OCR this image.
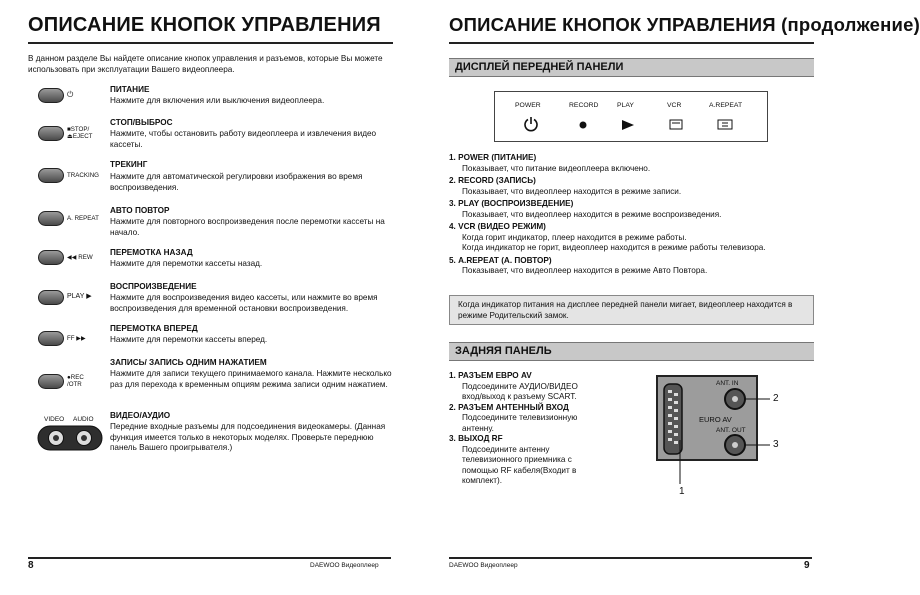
ОПИСАНИЕ КНОПОК УПРАВЛЕНИЯ
В данном разделе Вы найдете описание кнопок управления и разъемов, которые Вы можете использовать при эксплуатации Вашего видеоплеера.
⏻
ПИТАНИЕ
Нажмите для включения или выключения видеоплеера.
■STOP/ ⏏EJECT
СТОП/ВЫБРОС
Нажмите, чтобы остановить работу видеоплеера и извлечения видео кассеты.
TRACKING
ТРЕКИНГ
Нажмите для автоматической регулировки изображения во время воспроизведения.
A. REPEAT
АВТО ПОВТОР
Нажмите для повторного воспроизведения после перемотки кассеты на начало.
◀◀ REW
ПЕРЕМОТКА НАЗАД
Нажмите для перемотки кассеты назад.
PLAY ▶
ВОСПРОИЗВЕДЕНИЕ
Нажмите для воспроизведения видео кассеты, или нажмите во время воспроизведения для временной остановки воспроизведения.
FF ▶▶
ПЕРЕМОТКА ВПЕРЕД
Нажмите для перемотки кассеты вперед.
●REC /OTR
ЗАПИСЬ/ ЗАПИСЬ ОДНИМ НАЖАТИЕМ
Нажмите для записи текущего принимаемого канала. Нажмите несколько раз для перехода к временным опциям режима записи одним нажатием.
VIDEO AUDIO ВИДЕО/АУДИО
Передние входные разъемы для подсоединения видеокамеры. (Данная функция имеется только в некоторых моделях. Проверьте переднюю панель Вашего проигрывателя.)
8	DAEWOO Видеоплеер
ОПИСАНИЕ КНОПОК УПРАВЛЕНИЯ (продолжение)
ДИСПЛЕЙ ПЕРЕДНЕЙ ПАНЕЛИ
POWER	RECORD	PLAY	VCR	A.REPEAT
1. POWER (ПИТАНИЕ)
Показывает, что питание видеоплеера включено.
2. RECORD (ЗАПИСЬ)
Показывает, что видеоплеер находится в режиме записи.
3. PLAY (ВОСПРОИЗВЕДЕНИЕ)
Показывает, что видеоплеер находится в режиме воспроизведения.
4. VCR (ВИДЕО РЕЖИМ)
Когда горит индикатор, плеер находится в режиме работы.
Когда индикатор не горит, видеоплеер находится в режиме работы телевизора.
5. A.REPEAT (А. ПОВТОР)
Показывает, что видеоплеер находится в режиме Авто Повтора.
Когда индикатор питания на дисплее передней панели мигает, видеоплеер находится в режиме Родительский замок.
ЗАДНЯЯ ПАНЕЛЬ
1. РАЗЪЕМ ЕВРО AV
Подсоедините АУДИО/ВИДЕО вход/выход к разъему SCART.
2. РАЗЪЕМ АНТЕННЫЙ ВХОД
Подсоедините телевизионную антенну.
3. ВЫХОД RF
Подсоедините антенну телевизионного приемника с помощью RF кабеля(Входит в комплект).
ANT. IN
EURO AV
ANT. OUT
1
2
3
DAEWOO Видеоплеер	9
